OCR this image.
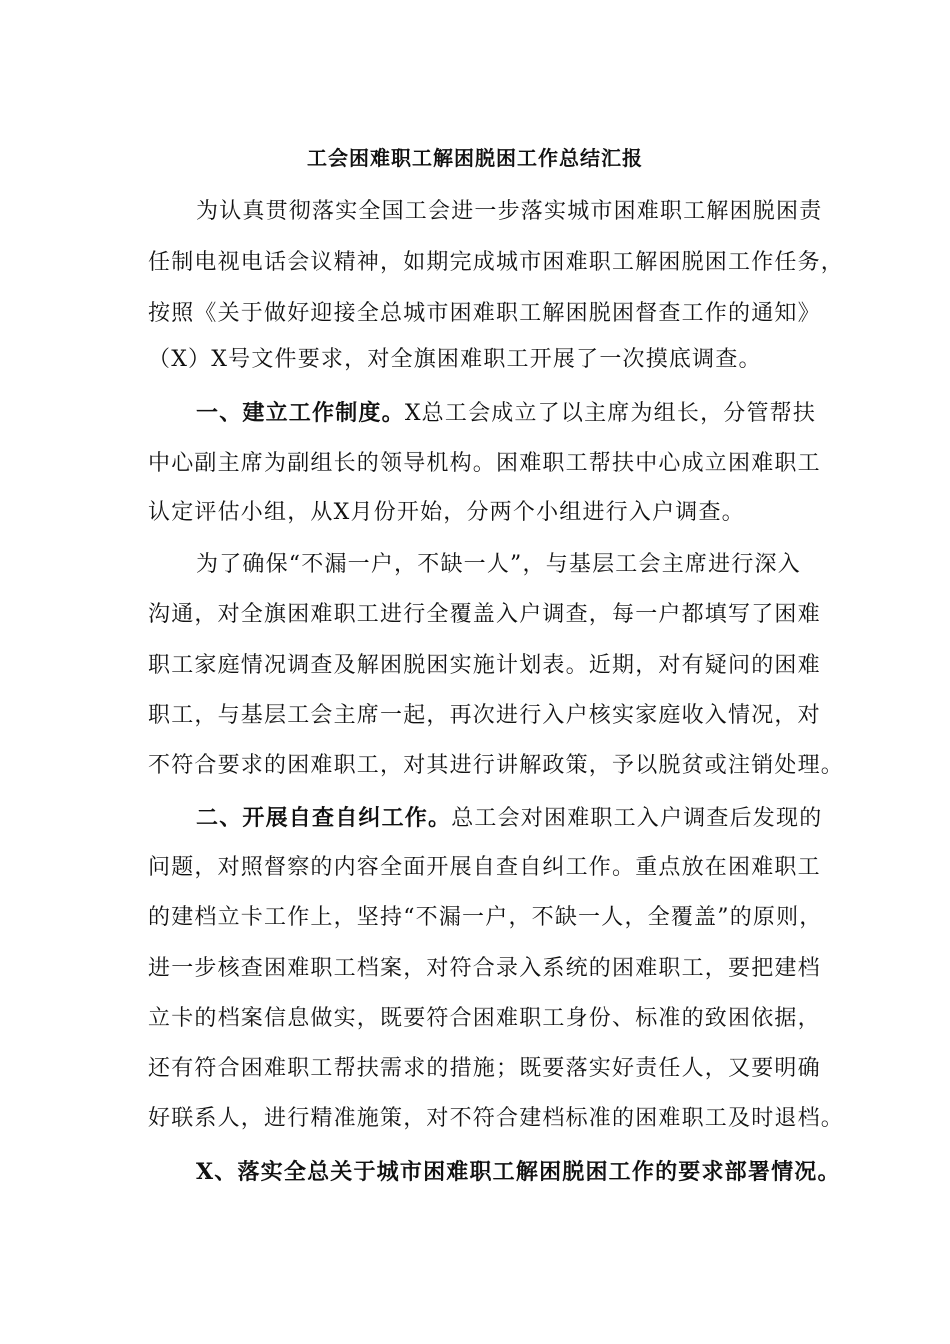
工会困难职工解困脱困工作总结汇报
为认真贯彻落实全国工会进一步落实城市困难职工解困脱困责
任制电视电话会议精神，如期完成城市困难职工解困脱困工作任务，
按照《关于做好迎接全总城市困难职工解困脱困督查工作的通知》
（X）X号文件要求，对全旗困难职工开展了一次摸底调查。
一、建立工作制度。X总工会成立了以主席为组长，分管帮扶
中心副主席为副组长的领导机构。困难职工帮扶中心成立困难职工
认定评估小组，从X月份开始，分两个小组进行入户调查。
为了确保“不漏一户，不缺一人”，与基层工会主席进行深入
沟通，对全旗困难职工进行全覆盖入户调查，每一户都填写了困难
职工家庭情况调查及解困脱困实施计划表。近期，对有疑问的困难
职工，与基层工会主席一起，再次进行入户核实家庭收入情况，对
不符合要求的困难职工，对其进行讲解政策，予以脱贫或注销处理。
二、开展自查自纠工作。总工会对困难职工入户调查后发现的
问题，对照督察的内容全面开展自查自纠工作。重点放在困难职工
的建档立卡工作上，坚持“不漏一户，不缺一人，全覆盖”的原则，
进一步核查困难职工档案，对符合录入系统的困难职工，要把建档
立卡的档案信息做实，既要符合困难职工身份、标准的致困依据，
还有符合困难职工帮扶需求的措施；既要落实好责任人，又要明确
好联系人，进行精准施策，对不符合建档标准的困难职工及时退档。
X、落实全总关于城市困难职工解困脱困工作的要求部署情况。
